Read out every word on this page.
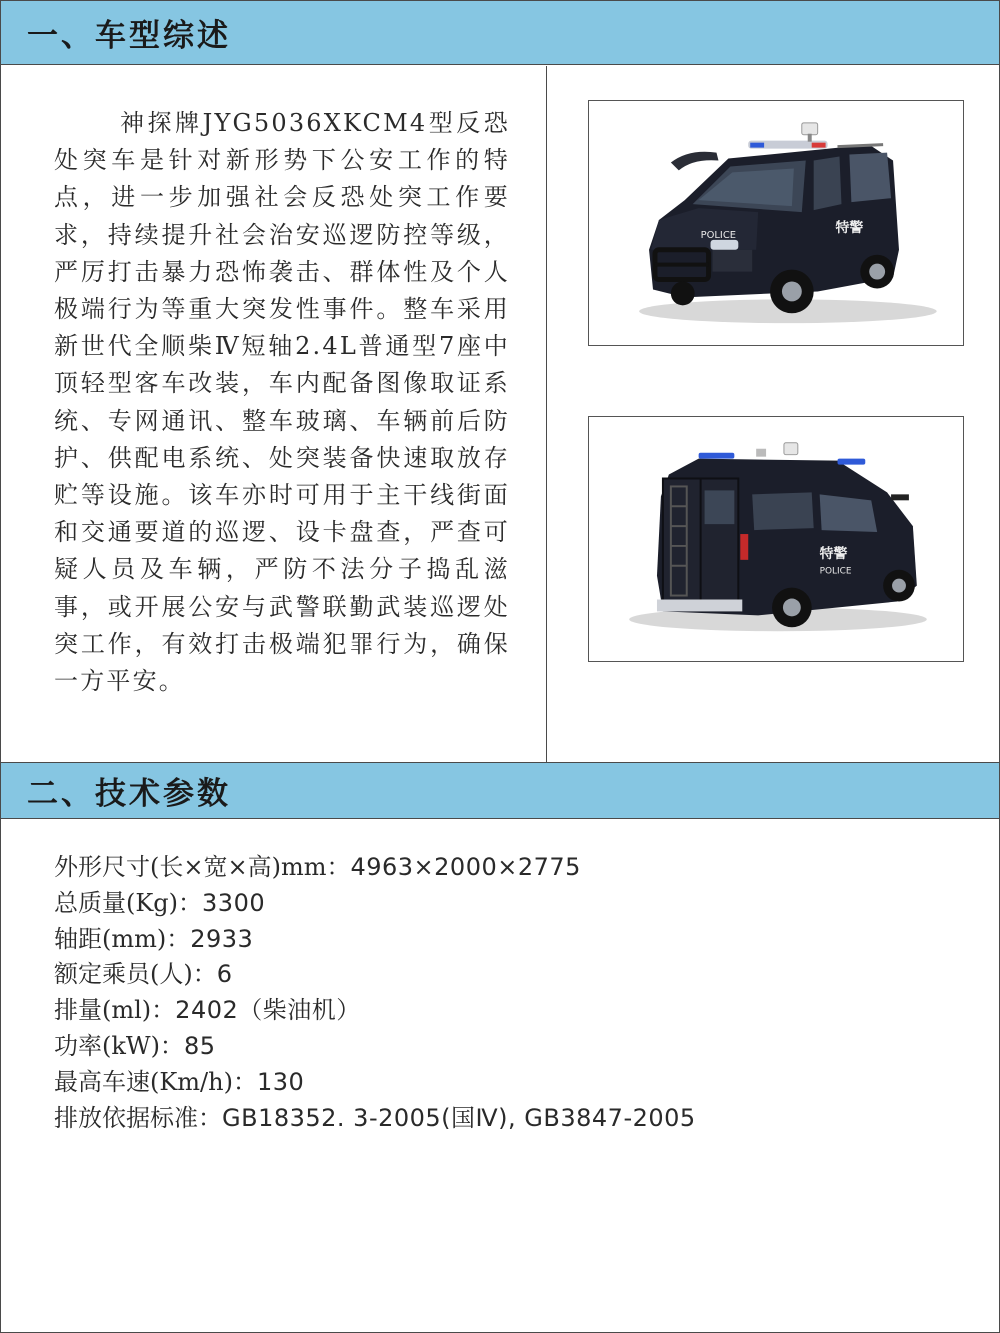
一、车型综述

神探牌JYG5036XKCM4型反恐处突车是针对新形势下公安工作的特点，进一步加强社会反恐处突工作要求，持续提升社会治安巡逻防控等级，严厉打击暴力恐怖袭击、群体性及个人极端行为等重大突发性事件。整车采用新世代全顺柴Ⅳ短轴2.4L普通型7座中顶轻型客车改装，车内配备图像取证系统、专网通讯、整车玻璃、车辆前后防护、供配电系统、处突装备快速取放存贮等设施。该车亦时可用于主干线街面和交通要道的巡逻、设卡盘查，严查可疑人员及车辆，严防不法分子捣乱滋事，或开展公安与武警联勤武装巡逻处突工作，有效打击极端犯罪行为，确保一方平安。

POLICE	特警
特警
POLICE
二、技术参数
外形尺寸(长×宽×高)mm：4963×2000×2775
总质量(Kg)：3300
轴距(mm)：2933
额定乘员(人)：6
排量(ml)：2402（柴油机）
功率(kW)：85
最高车速(Km/h)：130
排放依据标准：GB18352. 3-2005(国Ⅳ), GB3847-2005
